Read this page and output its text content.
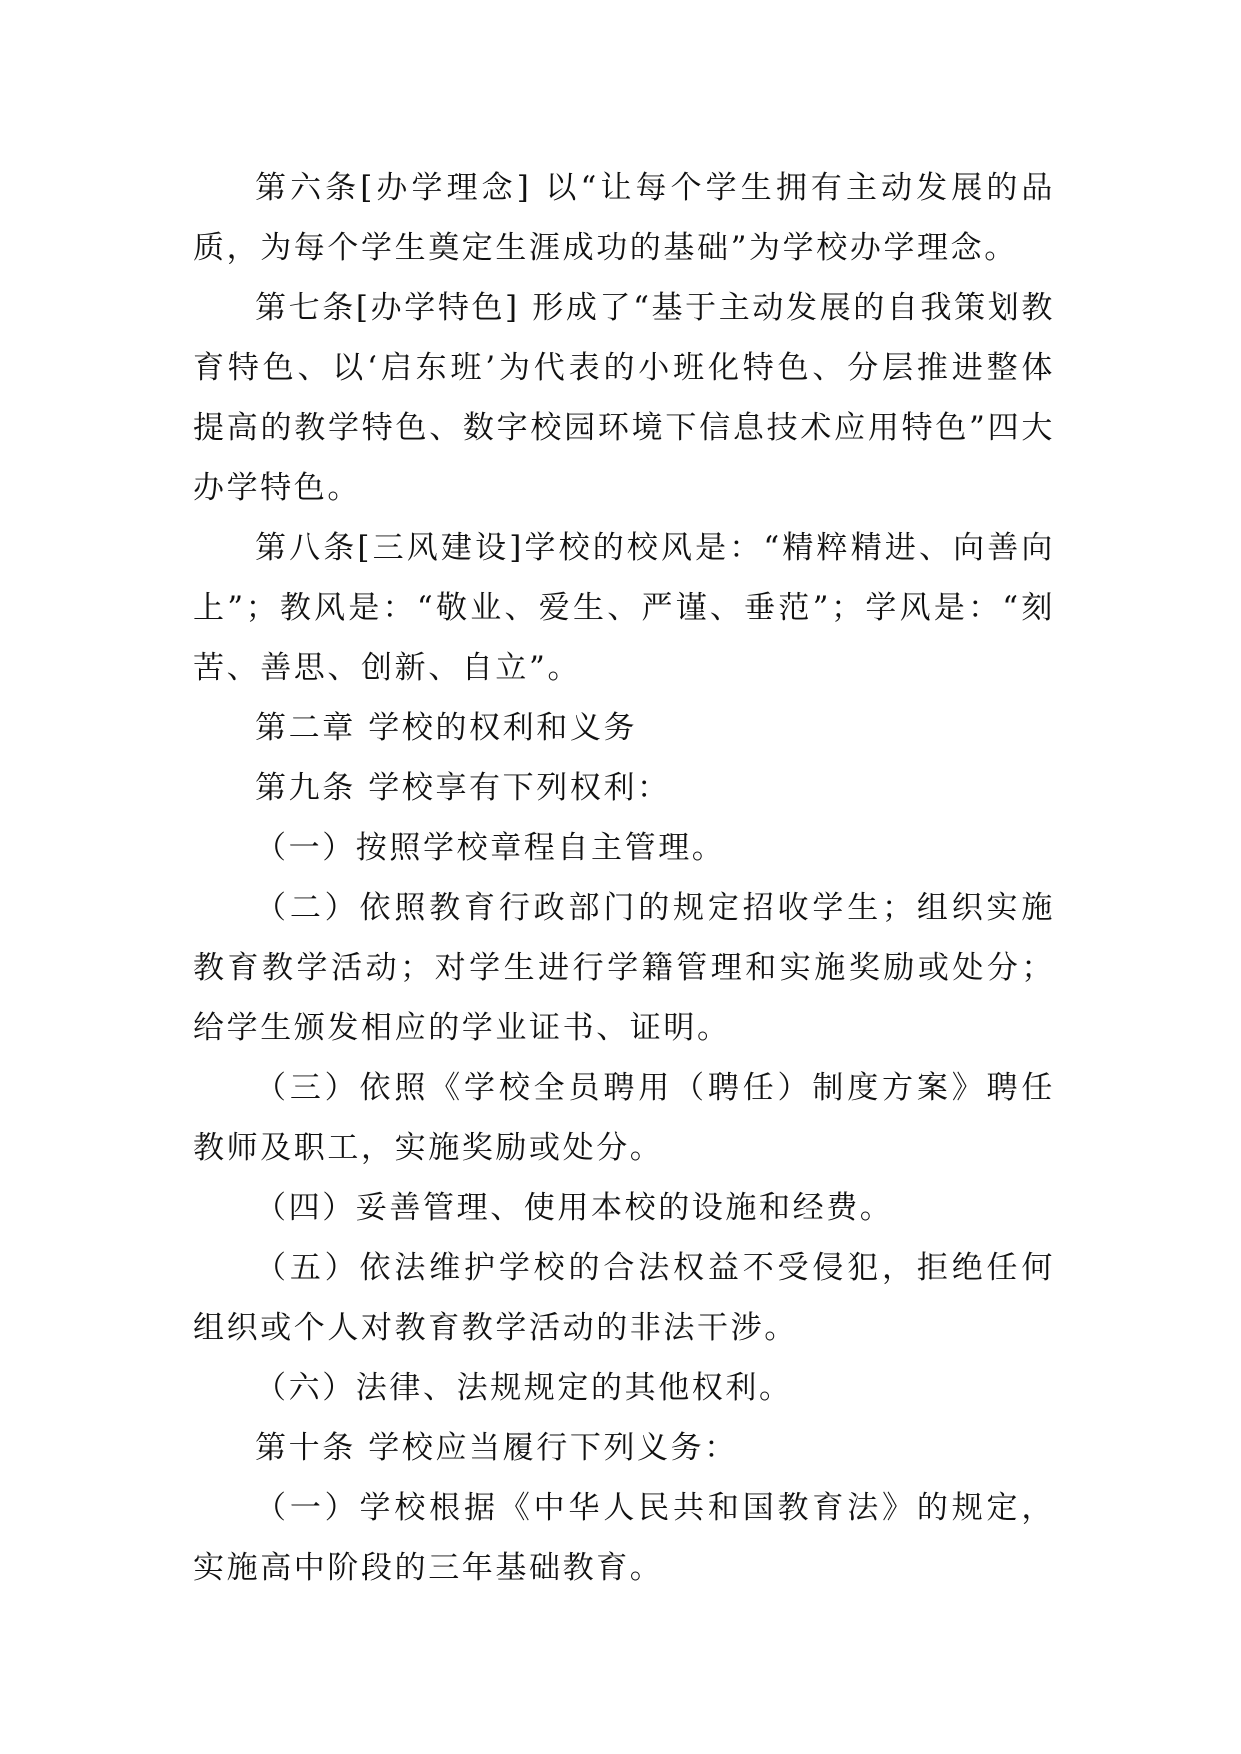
第六条[办学理念] 以“让每个学生拥有主动发展的品质，为每个学生奠定生涯成功的基础”为学校办学理念。

第七条[办学特色] 形成了“基于主动发展的自我策划教育特色、以‘启东班’为代表的小班化特色、分层推进整体提高的教学特色、数字校园环境下信息技术应用特色”四大办学特色。

第八条[三风建设]学校的校风是：“精粹精进、向善向上”；教风是：“敬业、爱生、严谨、垂范”；学风是：“刻苦、善思、创新、自立”。

第二章 学校的权利和义务

第九条 学校享有下列权利：

（一）按照学校章程自主管理。

（二）依照教育行政部门的规定招收学生；组织实施教育教学活动；对学生进行学籍管理和实施奖励或处分；给学生颁发相应的学业证书、证明。

（三）依照《学校全员聘用（聘任）制度方案》聘任教师及职工，实施奖励或处分。

（四）妥善管理、使用本校的设施和经费。

（五）依法维护学校的合法权益不受侵犯，拒绝任何组织或个人对教育教学活动的非法干涉。

（六）法律、法规规定的其他权利。

第十条 学校应当履行下列义务：

（一）学校根据《中华人民共和国教育法》的规定，实施高中阶段的三年基础教育。
